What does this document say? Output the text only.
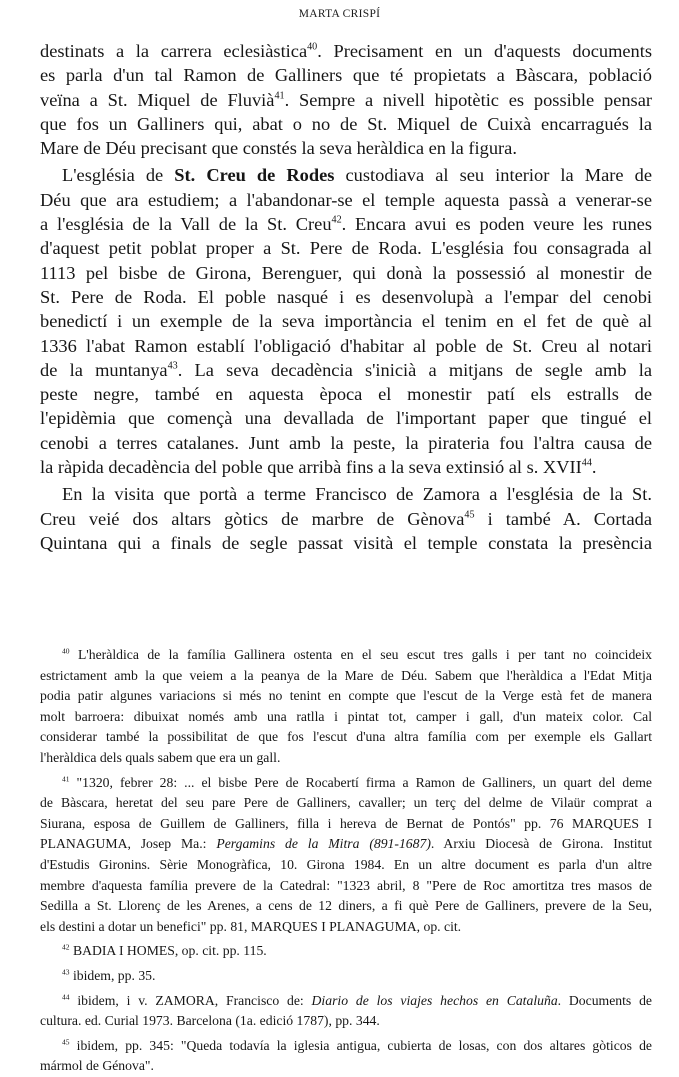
MARTA CRISPÍ
destinats a la carrera eclesiàstica$^{40}$. Precisament en un d'aquests documents
es parla d'un tal Ramon de Galliners que té propietats a Bàscara, població
veïna a St. Miquel de Fluvià$^{41}$. Sempre a nivell hipotètic es possible pensar
que fos un Galliners qui, abat o no de St. Miquel de Cuixà encarragués la
Mare de Déu precisant que constés la seva heràldica en la figura.
L'església de St. Creu de Rodes custodiava al seu interior la Mare de
Déu que ara estudiem; a l'abandonar-se el temple aquesta passà a venerar-se
a l'església de la Vall de la St. Creu$^{42}$. Encara avui es poden veure les runes
d'aquest petit poblat proper a St. Pere de Roda. L'església fou consagrada al
1113 pel bisbe de Girona, Berenguer, qui donà la possessió al monestir de
St. Pere de Roda. El poble nasqué i es desenvolupà a l'empar del cenobi
benedictí i un exemple de la seva importància el tenim en el fet de què al
1336 l'abat Ramon establí l'obligació d'habitar al poble de St. Creu al notari
de la muntanya$^{43}$. La seva decadència s'inicià a mitjans de segle amb la
peste negre, també en aquesta època el monestir patí els estralls de
l'epidèmia que començà una devallada de l'important paper que tingué el
cenobi a terres catalanes. Junt amb la peste, la pirateria fou l'altra causa de
la ràpida decadència del poble que arribà fins a la seva extinsió al s. XVII$^{44}$.
En la visita que portà a terme Francisco de Zamora a l'església de la St.
Creu veié dos altars gòtics de marbre de Gènova$^{45}$ i també A. Cortada
Quintana qui a finals de segle passat visità el temple constata la presència
$^{40}$ L'heràldica de la família Gallinera ostenta en el seu escut tres galls i per tant no coincideix
estrictament amb la que veiem a la peanya de la Mare de Déu. Sabem que l'heràldica a l'Edat Mitja
podia patir algunes variacions si més no tenint en compte que l'escut de la Verge està fet de manera
molt barroera: dibuixat només amb una ratlla i pintat tot, camper i gall, d'un mateix color. Cal
considerar també la possibilitat de que fos l'escut d'una altra família com per exemple els Gallart
l'heràldica dels quals sabem que era un gall.
$^{41}$ "1320, febrer 28: ... el bisbe Pere de Rocabertí firma a Ramon de Galliners, un quart del deme
de Bàscara, heretat del seu pare Pere de Galliners, cavaller; un terç del delme de Vilaür comprat a
Siurana, esposa de Guillem de Galliners, filla i hereva de Bernat de Pontós" pp. 76 MARQUES I
PLANAGUMA, Josep Ma.: Pergamins de la Mitra (891-1687). Arxiu Diocesà de Girona. Institut
d'Estudis Gironins. Sèrie Monogràfica, 10. Girona 1984. En un altre document es parla d'un altre
membre d'aquesta família prevere de la Catedral: "1323 abril, 8 "Pere de Roc amortitza tres masos de
Sedilla a St. Llorenç de les Arenes, a cens de 12 diners, a fi què Pere de Galliners, prevere de la Seu,
els destini a dotar un benefici" pp. 81, MARQUES I PLANAGUMA, op. cit.
$^{42}$ BADIA I HOMES, op. cit. pp. 115.
$^{43}$ ibidem, pp. 35.
$^{44}$ ibidem, i v. ZAMORA, Francisco de: Diario de los viajes hechos en Cataluña. Documents de
cultura. ed. Curial 1973. Barcelona (1a. edició 1787), pp. 344.
$^{45}$ ibidem, pp. 345: "Queda todavía la iglesia antigua, cubierta de losas, con dos altares gòticos de
mármol de Génova".
